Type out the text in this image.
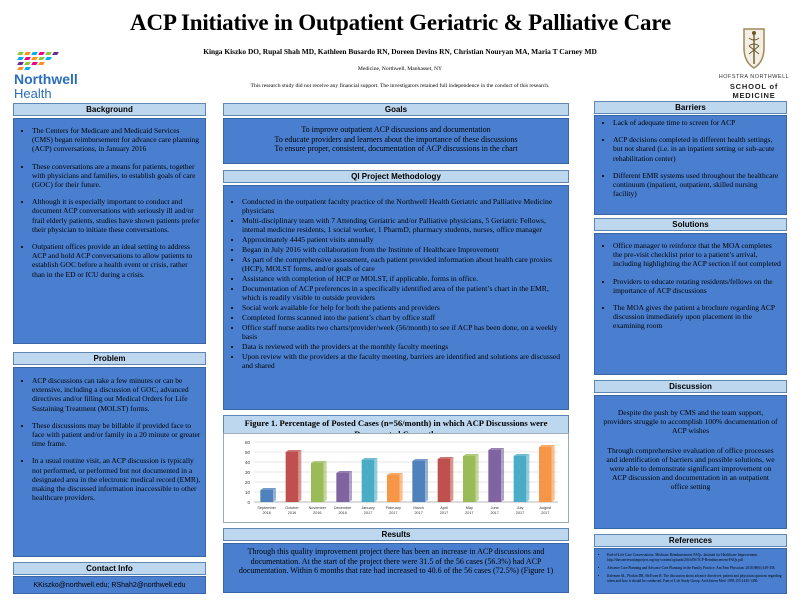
ACP Initiative in Outpatient Geriatric & Palliative Care
Kinga Kiszko DO, Rupal Shah MD, Kathleen Busardo RN, Doreen Devins RN, Christian Nouryan MA, Maria T Carney MD
Medicine, Northwell, Manhasset, NY
This research study did not receive any financial support. The investigators retained full independence in the conduct of this research.
Northwell
Health
HOFSTRA NORTHWELL
SCHOOL of MEDICINE
Background
• The Centers for Medicare and Medicaid Services (CMS) began reimbursement for advance care planning (ACP) conversations, in January 2016
• These conversations are a means for patients, together with physicians and families, to establish goals of care (GOC) for their future.
• Although it is especially important to conduct and document ACP conversations with seriously ill and/or frail elderly patients, studies have shown patients prefer their physician to initiate these conversations.
• Outpatient offices provide an ideal setting to address ACP and hold ACP conversations to allow patients to establish GOC before a health event or crisis, rather than in the ED or ICU during a crisis.
Problem
• ACP discussions can take a few minutes or can be extensive, including a discussion of GOC, advanced directives and/or filling out Medical Orders for Life Sustaining Treatment (MOLST) forms.
• These discussions may be billable if provided face to face with patient and/or family in a 20 minute or greater time frame.
• In a usual routine visit, an ACP discussion is typically not performed, or performed but not documented in a designated area in the electronic medical record (EMR), making the discussed information inaccessible to other healthcare providers.
Contact Info
KKiszko@northwell.edu; RShah2@northwell.edu
Goals
To improve outpatient ACP discussions and documentation
To educate providers and learners about the importance of these discussions
To ensure proper, consistent, documentation of ACP discussions in the chart
QI Project Methodology
• Conducted in the outpatient faculty practice of the Northwell Health Geriatric and Palliative Medicine physicians
• Multi-disciplinary team with 7 Attending Geriatric and/or Palliative physicians, 5 Geriatric Fellows, internal medicine residents, 1 social worker, 1 PharmD, pharmacy students, nurses, office manager
• Approximately 4445 patient visits annually
• Began in July 2016 with collaboration from the Institute of Healthcare Improvement
• As part of the comprehensive assessment, each patient provided information about health care proxies (HCP), MOLST forms, and/or goals of care
• Assistance with completion of HCP or MOLST, if applicable, forms in office.
• Documentation of ACP preferences in a specifically identified area of the patient’s chart in the EMR, which is readily visible to outside providers
• Social work available for help for both the patients and providers
• Completed forms scanned into the patient’s chart by office staff
• Office staff nurse audits two charts/provider/week (56/month) to see if ACP has been done, on a weekly basis
• Data is reviewed with the providers at the monthly faculty meetings
• Upon review with the providers at the faculty meeting, barriers are identified and solutions are discussed and shared
Figure 1. Percentage of Posted Cases (n=56/month) in which ACP Discussions were
0
10
20
30
40
50
60
September
2016
October
2016
November
2016
December
2016
January
2017
February
2017
March
2017
April
2017
May
2017
June
2017
July
2017
August
2017
Results
Through this quality improvement project there has been an increase in ACP discussions and documentation. At the start of the project there were 31.5 of the 56 cases (56.3%) had ACP documentation. Within 6 months that rate had increased to 40.6 of the 56 cases (72.5%) (Figure 1)
Barriers
• Lack of adequate time to screen for ACP
• ACP decisions completed in different health settings, but not shared (i.e. in an inpatient setting or sub-acute rehabilitation center)
• Different EMR systems used throughout the healthcare continuum (inpatient, outpatient, skilled nursing facility)
Solutions
• Office manager to reinforce that the MOA completes the pre-visit checklist prior to a patient’s arrival, including highlighting the ACP section if not completed
• Providers to educate rotating residents/fellows on the importance of ACP discussions
• The MOA gives the patient a brochure regarding ACP discussion immediately upon placement in the examining room
Discussion
Despite the push by CMS and the team support, providers struggle to accomplish 100% documentation of ACP wishes
Through comprehensive evaluation of office processes and identification of barriers and possible solutions, we were able to demonstrate significant improvement on ACP discussion and documentation in an outpatient office setting
References
• End-of-Life Care Conversations: Medicare Reimbursement FAQs. Institute for Healthcare Improvement. http://theconversationproject.org/wp-content/uploads/2016/06/TCP-Reimbursement-FAQs.pdf
• Advance Care Planning and Advance Care Planning in the Family Practice. Am Fam Physician. 2018;98(6):349-358.
• Kelemen AL, Plotkin DR, McEwen R. The discussion about advance directives: patient and physician opinions regarding when and how it should be conducted. Fam of Life Study Group. Arch Intern Med. 1995;155:1445-1450.
